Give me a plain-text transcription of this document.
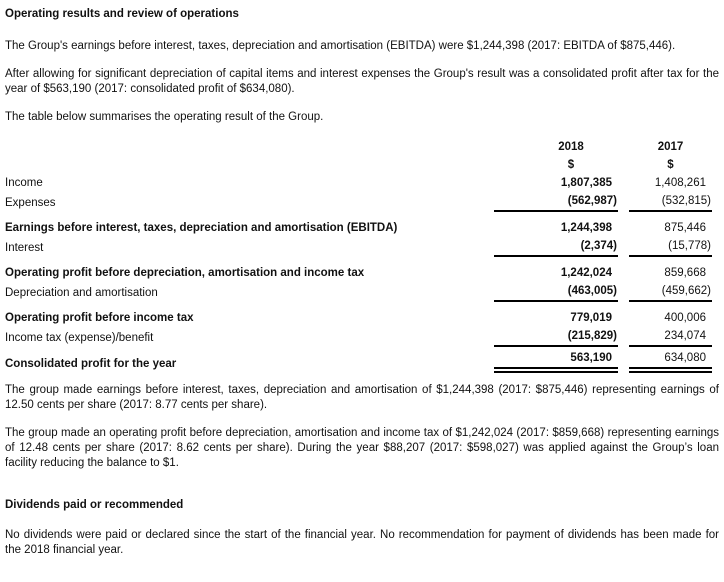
Operating results and review of operations

The Group's earnings before interest, taxes, depreciation and amortisation (EBITDA) were $1,244,398 (2017: EBITDA of $875,446).

After allowing for significant depreciation of capital items and interest expenses the Group's result was a consolidated profit after tax for the year of $563,190 (2017: consolidated profit of $634,080).

The table below summarises the operating result of the Group.

2018	2017
$	$
Income	1,807,385	1,408,261
Expenses	(562,987)	(532,815)
Earnings before interest, taxes, depreciation and amortisation (EBITDA)	1,244,398	875,446
Interest	(2,374)	(15,778)
Operating profit before depreciation, amortisation and income tax	1,242,024	859,668
Depreciation and amortisation	(463,005)	(459,662)
Operating profit before income tax	779,019	400,006
Income tax (expense)/benefit	(215,829)	234,074
Consolidated profit for the year	563,190	634,080

The group made earnings before interest, taxes, depreciation and amortisation of $1,244,398 (2017: $875,446) representing earnings of 12.50 cents per share (2017: 8.77 cents per share).

The group made an operating profit before depreciation, amortisation and income tax of $1,242,024 (2017: $859,668) representing earnings of 12.48 cents per share (2017: 8.62 cents per share). During the year $88,207 (2017: $598,027) was applied against the Group’s loan facility reducing the balance to $1.

Dividends paid or recommended

No dividends were paid or declared since the start of the financial year. No recommendation for payment of dividends has been made for the 2018 financial year.
